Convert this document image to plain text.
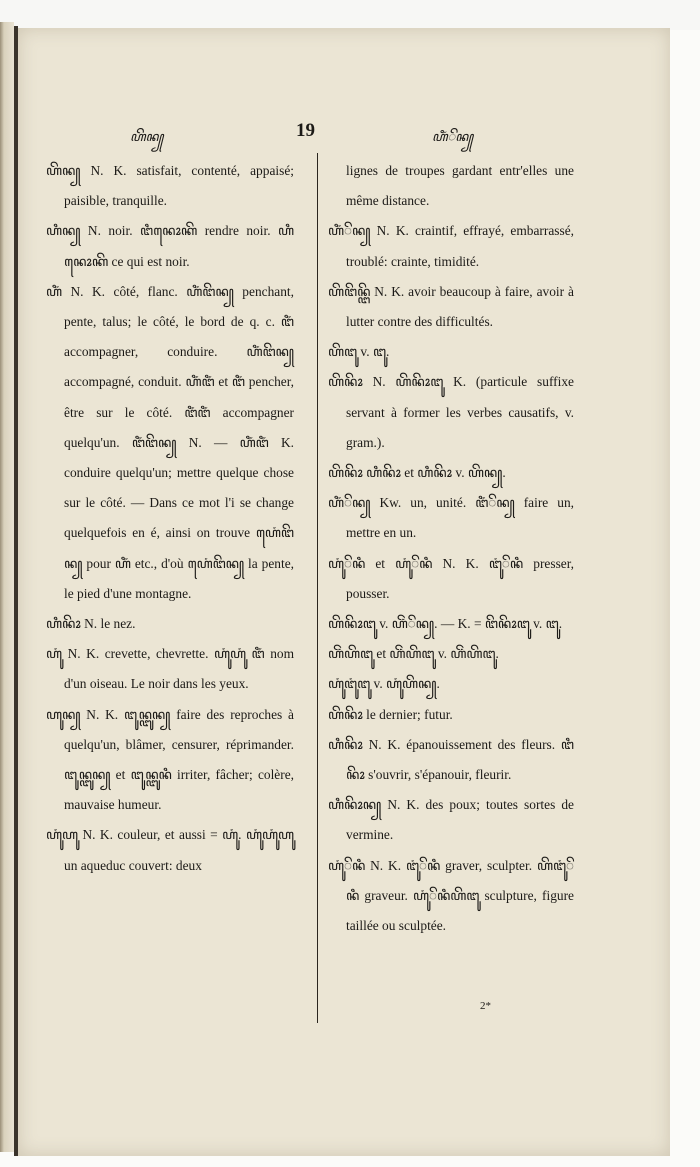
ꦲꦼꦤ꧀	19	ꦲꦶꦁꦼꦤ꧀

ꦲꦼꦤ꧀ N. K. satisfait, contenté, appaisé; paisible, tranquille.

ꦲꦶꦤ꧀ N. noir. ꦔꦶꦤꦺꦴꦏꦼ rendre noir. ꦲꦶꦤꦺꦴꦏꦼ ce qui est noir.

ꦲꦶꦁ N. K. côté, flanc. ꦲꦶꦁꦔꦼꦤ꧀ penchant, pente, talus; le côté, le bord de q. c. ꦔꦶꦁ accompagner, conduire. ꦲꦶꦁꦔꦼꦤ꧀ accompagné, conduit. ꦲꦶꦁꦔꦶꦁ et ꦔꦶꦁ pencher, être sur le côté. ꦔꦶꦁꦔꦶꦁ accompagner quelqu'un. ꦔꦶꦁꦔꦼꦤ꧀ N. — ꦲꦶꦁꦔꦶꦁ K. conduire quelqu'un; mettre quelque chose sur le côté. — Dans ce mot l'i se change quelquefois en é, ainsi on trouve ꦲꦺꦁꦔꦼꦤ꧀ pour ꦲꦶꦁ etc., d'où ꦲꦺꦁꦔꦼꦤ꧀ la pente, le pied d'une montagne.

ꦲꦶꦤꦼꦴ N. le nez.

ꦲꦸꦁ N. K. crevette, chevrette. ꦲꦸꦁꦲꦸꦁ ꦔꦶꦁ nom d'un oiseau. Le noir dans les yeux.

ꦲꦸꦤ꧀ N. K. ꦔꦸꦤ꧀ꦔꦸꦤ꧀ faire des reproches à quelqu'un, blâmer, censurer, réprimander. ꦔꦸꦤ꧀ꦔꦸꦤ꧀ et ꦔꦸꦤ꧀ꦔꦸꦤꦶ irriter, fâcher; colère, mauvaise humeur.

ꦲꦸꦁꦲꦸ N. K. couleur, et aussi = ꦲꦸꦁ. ꦲꦸꦁꦲꦸꦁꦲꦸ un aqueduc couvert: deux

lignes de troupes gardant entr'elles une même distance.

ꦲꦶꦁꦼꦤ꧀ N. K. craintif, effrayé, embarrassé, troublé: crainte, timidité.

ꦲꦼꦔꦼꦤ꧀ꦔꦼ N. K. avoir beaucoup à faire, avoir à lutter contre des difficultés.

ꦲꦼꦔꦸ v. ꦔꦸ.

ꦲꦼꦤꦼꦴ N. ꦲꦼꦤꦼꦴꦔꦸ K. (particule suffixe servant à former les verbes causatifs, v. gram.).

ꦲꦼꦤꦼꦴ ꦲꦶꦤꦼꦴ et ꦲꦶꦤꦼꦴ v. ꦲꦼꦤ꧀.

ꦲꦶꦁꦼꦤ꧀ Kw. un, unité. ꦔꦶꦁꦼꦤ꧀ faire un, mettre en un.

ꦲꦸꦁꦼꦤꦶ et ꦲꦸꦁꦼꦤꦶ N. K. ꦔꦸꦁꦼꦤꦶ presser, pousser.

ꦲꦼꦤꦼꦴꦔꦸ v. ꦲꦼꦁꦼꦤ꧀. — K. = ꦔꦼꦤꦼꦴꦔꦸ v. ꦔꦸ.

ꦲꦼꦁꦲꦼꦔꦸ et ꦲꦼꦁꦲꦼꦔꦸ v. ꦲꦼꦁꦲꦼꦔꦸ.

ꦲꦸꦁꦔꦸꦁꦔꦸ v. ꦲꦸꦁꦲꦼꦤ꧀.

ꦲꦼꦤꦼꦴ le dernier; futur.

ꦲꦶꦤꦼꦴ N. K. épanouissement des fleurs. ꦔꦶꦤꦼꦴ s'ouvrir, s'épanouir, fleurir.

ꦲꦶꦤꦼꦴꦤ꧀ N. K. des poux; toutes sortes de vermine.

ꦲꦸꦁꦼꦤꦶ N. K. ꦔꦸꦁꦼꦤꦶ graver, sculpter. ꦲꦼꦔꦸꦁꦼꦤꦶ graveur. ꦲꦸꦁꦼꦤꦶꦲꦼꦔꦸ sculpture, figure taillée ou sculptée.

2*
